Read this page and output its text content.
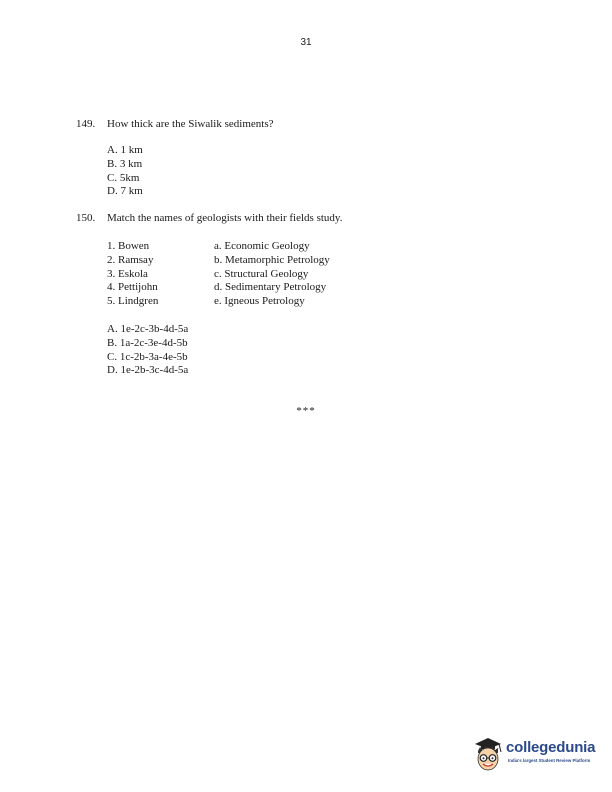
31
149. How thick are the Siwalik sediments?
A. 1 km
B. 3 km
C. 5km
D. 7 km
150. Match the names of geologists with their fields study.
1. Bowen
2. Ramsay
3. Eskola
4. Pettijohn
5. Lindgren
a. Economic Geology
b. Metamorphic Petrology
c. Structural Geology
d. Sedimentary Petrology
e. Igneous Petrology
A. 1e-2c-3b-4d-5a
B. 1a-2c-3e-4d-5b
C. 1c-2b-3a-4e-5b
D. 1e-2b-3c-4d-5a
***
collegedunia
India's largest Student Review Platform
